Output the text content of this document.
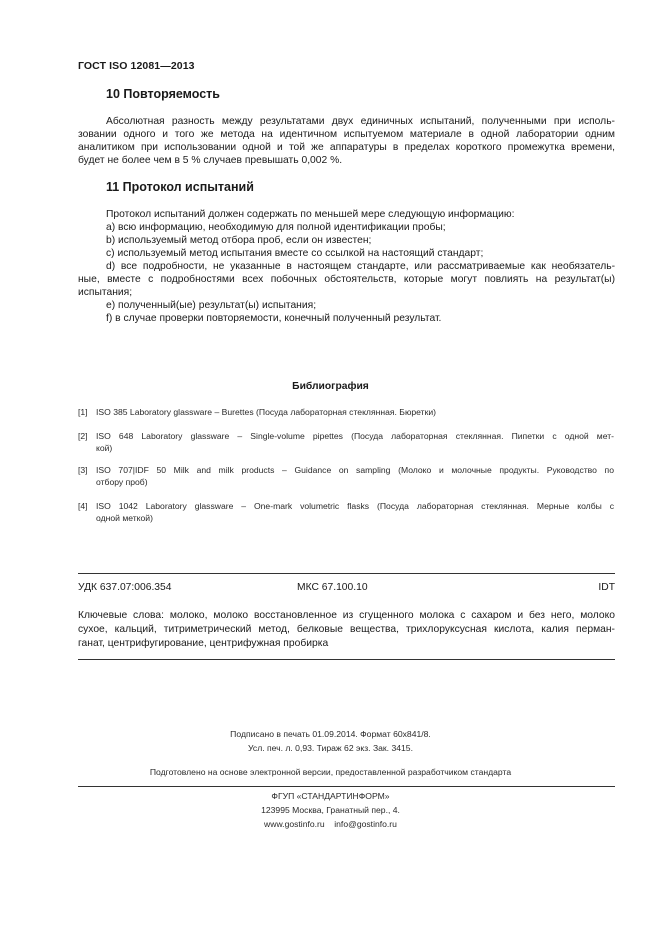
ГОСТ ISO 12081—2013
10 Повторяемость
Абсолютная разность между результатами двух единичных испытаний, полученными при исполь-
зовании одного и того же метода на идентичном испытуемом материале в одной лаборатории одним
аналитиком при использовании одной и той же аппаратуры в пределах короткого промежутка времени,
будет не более чем в 5 % случаев превышать 0,002 %.
11 Протокол испытаний
Протокол испытаний должен содержать по меньшей мере следующую информацию:
a) всю информацию, необходимую для полной идентификации пробы;
b) используемый метод отбора проб, если он известен;
c) используемый метод испытания вместе со ссылкой на настоящий стандарт;
d) все подробности, не указанные в настоящем стандарте, или рассматриваемые как необязатель-
ные, вместе с подробностями всех побочных обстоятельств, которые могут повлиять на результат(ы)
испытания;
e) полученный(ые) результат(ы) испытания;
f) в случае проверки повторяемости, конечный полученный результат.
Библиография
[1] ISO 385 Laboratory glassware – Burettes (Посуда лабораторная стеклянная. Бюретки)
[2] ISO 648 Laboratory glassware – Single-volume pipettes (Посуда лабораторная стеклянная. Пипетки с одной мет-
кой)
[3] ISO 707|IDF 50 Milk and milk products – Guidance on sampling (Молоко и молочные продукты. Руководство по
отбору проб)
[4] ISO 1042 Laboratory glassware – One-mark volumetric flasks (Посуда лабораторная стеклянная. Мерные колбы с
одной меткой)
УДК 637.07:006.354	МКС 67.100.10	IDT
Ключевые слова: молоко, молоко восстановленное из сгущенного молока с сахаром и без него, молоко
сухое, кальций, титриметрический метод, белковые вещества, трихлоруксусная кислота, калия перман-
ганат, центрифугирование, центрифужная пробирка
Подписано в печать 01.09.2014. Формат 60x841/8.
Усл. печ. л. 0,93. Тираж 62 экз. Зак. 3415.
Подготовлено на основе электронной версии, предоставленной разработчиком стандарта
ФГУП «СТАНДАРТИНФОРМ»
123995 Москва, Гранатный пер., 4.
www.gostinfo.ru    info@gostinfo.ru
